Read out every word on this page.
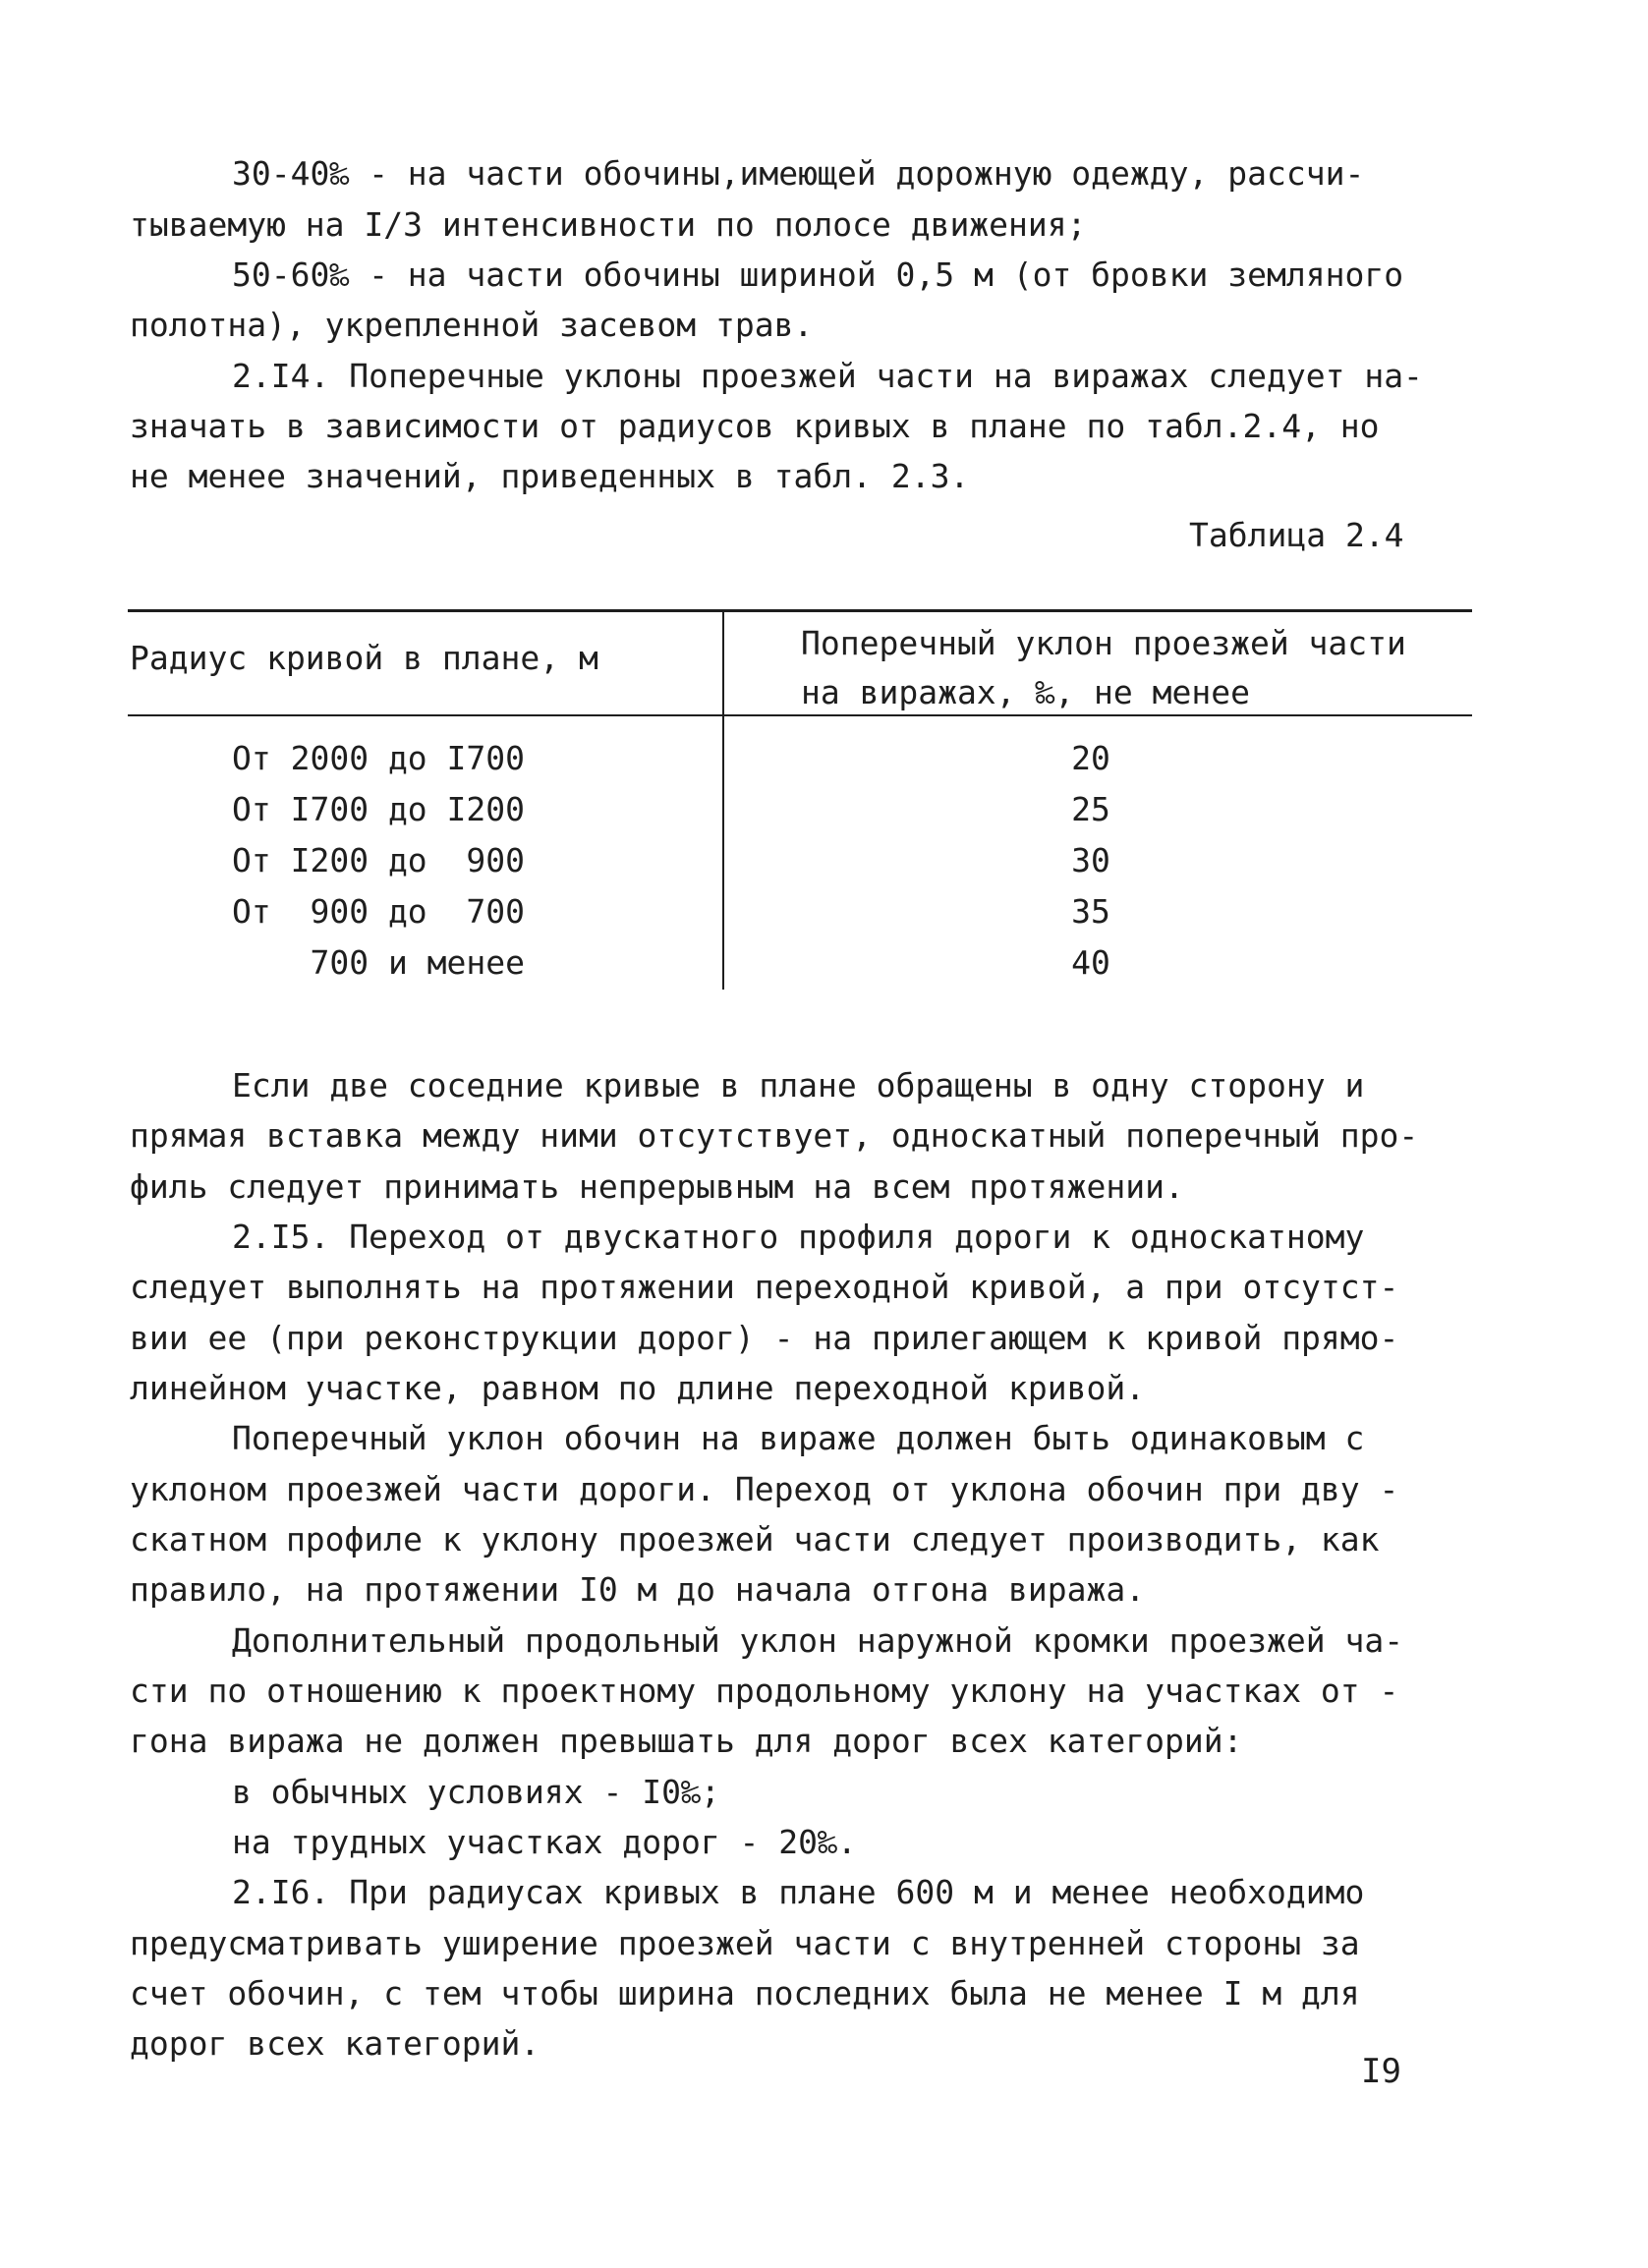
30-40‰ - на части обочины,имеющей дорожную одежду, рассчи-
тываемую на I/3 интенсивности по полосе движения;
50-60‰ - на части обочины шириной 0,5 м (от бровки земляного
полотна), укрепленной засевом трав.
2.I4. Поперечные уклоны проезжей части на виражах следует на-
значать в зависимости от радиусов кривых в плане по табл.2.4, но
не менее значений, приведенных в табл. 2.3.
Таблица 2.4
Радиус кривой в плане, м	Поперечный уклон проезжей части
на виражах, ‰, не менее
От 2000 до I700	20
От I700 до I200	25
От I200 до  900	30
От  900 до  700	35
700 и менее	40
Если две соседние кривые в плане обращены в одну сторону и
прямая вставка между ними отсутствует, односкатный поперечный про-
филь следует принимать непрерывным на всем протяжении.
2.I5. Переход от двускатного профиля дороги к односкатному
следует выполнять на протяжении переходной кривой, а при отсутст-
вии ее (при реконструкции дорог) - на прилегающем к кривой прямо-
линейном участке, равном по длине переходной кривой.
Поперечный уклон обочин на вираже должен быть одинаковым с
уклоном проезжей части дороги. Переход от уклона обочин при дву -
скатном профиле к уклону проезжей части следует производить, как
правило, на протяжении I0 м до начала отгона виража.
Дополнительный продольный уклон наружной кромки проезжей ча-
сти по отношению к проектному продольному уклону на участках от -
гона виража не должен превышать для дорог всех категорий:
в обычных условиях - I0‰;
на трудных участках дорог - 20‰.
2.I6. При радиусах кривых в плане 600 м и менее необходимо
предусматривать уширение проезжей части с внутренней стороны за
счет обочин, с тем чтобы ширина последних была не менее I м для
дорог всех категорий.
I9
